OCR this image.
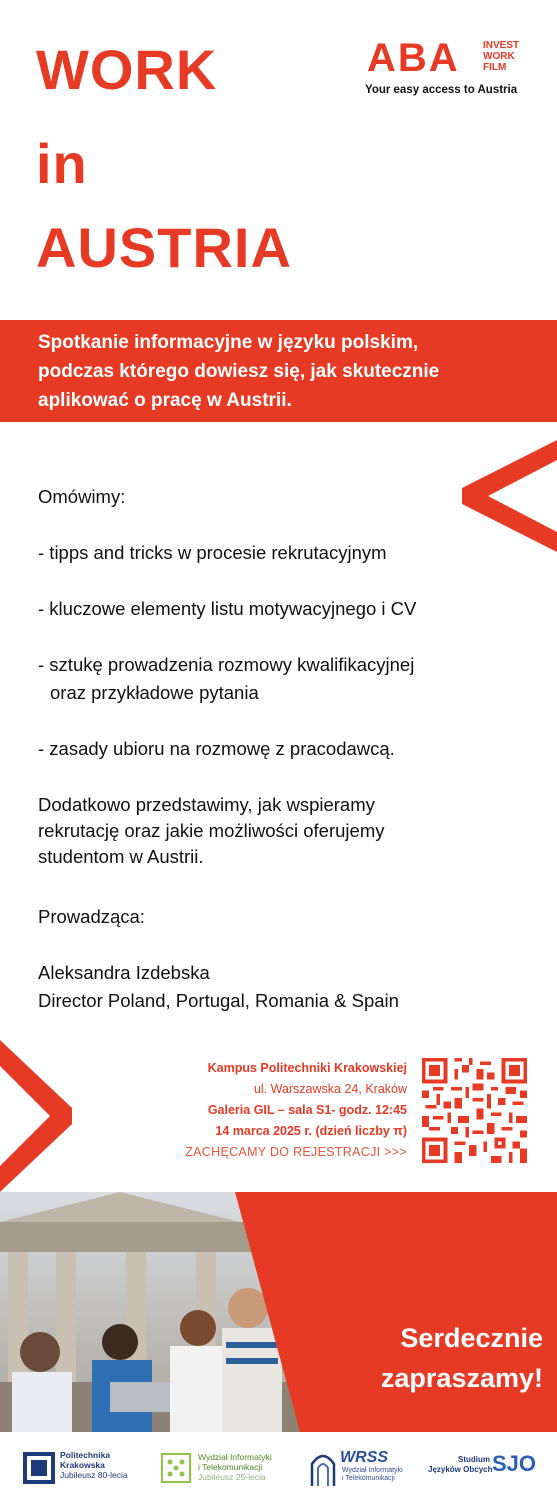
WORK
in
AUSTRIA
ABA INVEST
WORK
FILM
Your easy access to Austria
Spotkanie informacyjne w języku polskim,
podczas którego dowiesz się, jak skutecznie
aplikować o pracę w Austrii.
Omówimy:
- tipps and tricks w procesie rekrutacyjnym
- kluczowe elementy listu motywacyjnego i CV
- sztukę prowadzenia rozmowy kwalifikacyjnej
oraz przykładowe pytania
- zasady ubioru na rozmowę z pracodawcą.
Dodatkowo przedstawimy, jak wspieramy
rekrutację oraz jakie możliwości oferujemy
studentom w Austrii.
Prowadząca:
Aleksandra Izdebska
Director Poland, Portugal, Romania & Spain
Kampus Politechniki Krakowskiej
ul. Warszawska 24, Kraków
Galeria GIL – sala S1- godz. 12:45
14 marca 2025 r. (dzień liczby π)
ZACHĘCAMY DO REJESTRACJI >>>
Serdecznie
zapraszamy!
Politechnika
Krakowska
Jubileusz 80-lecia
Wydział Informatyki
i Telekomunikacji
Jubileusz 25-lecia
WRSS
Wydział Informatyki
i Telekomunikacji
Studium
Języków Obcych SJO
